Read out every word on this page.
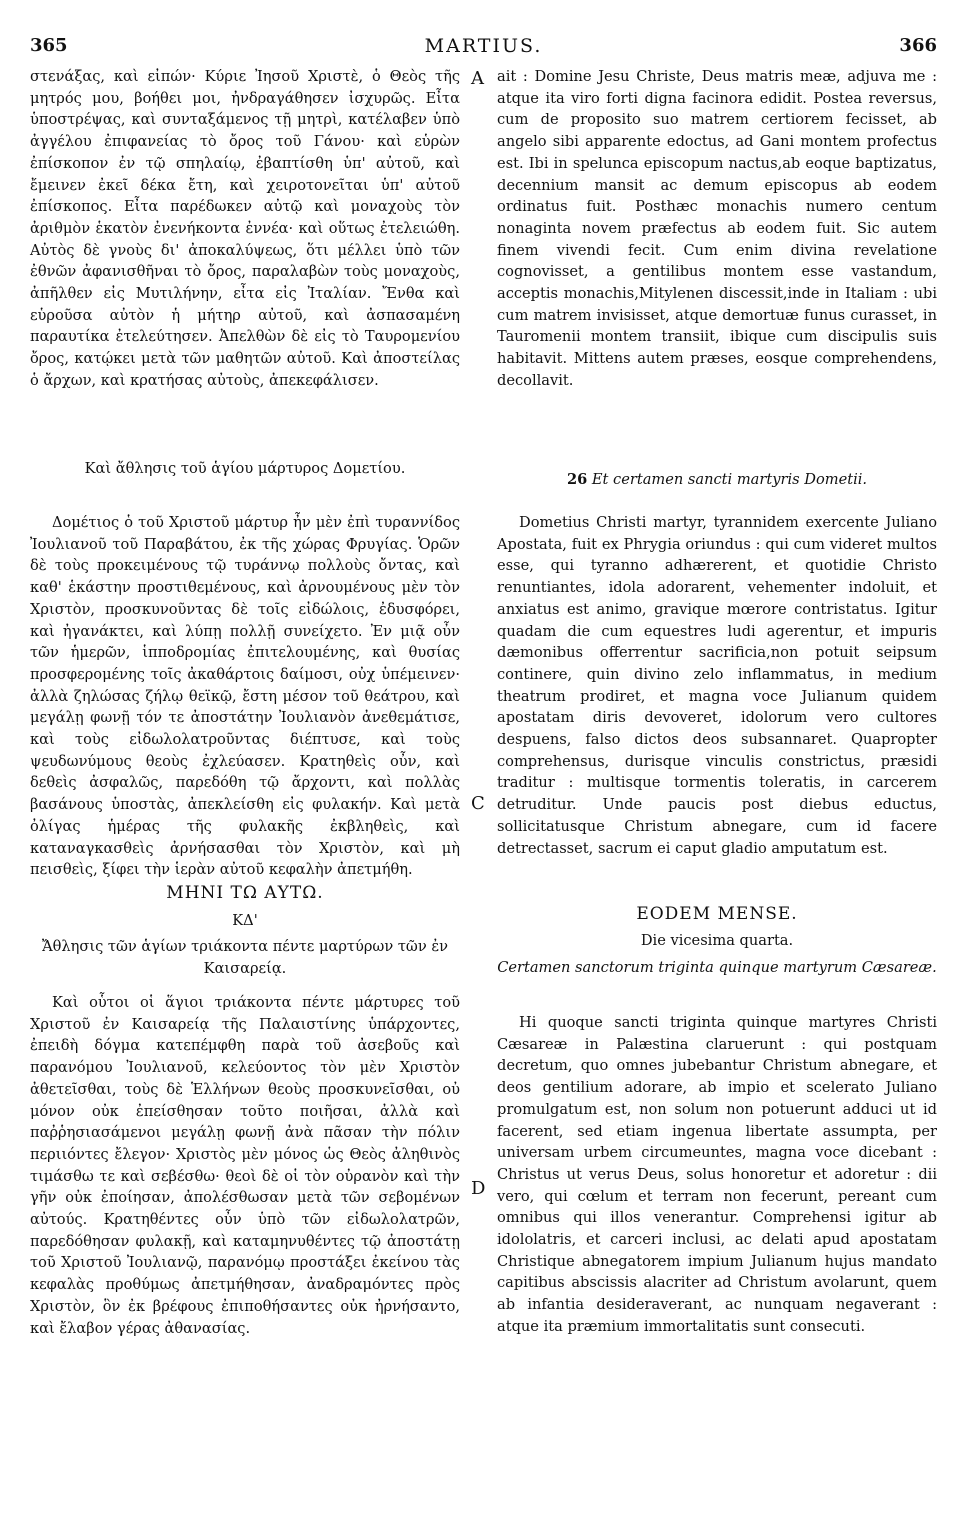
365	MARTIUS.	366

στενάξας, καὶ εἰπών· Κύριε Ἰησοῦ Χριστὲ, ὁ Θεὸς τῆς μητρός μου, βοήθει μοι, ἠνδραγάθησεν ἰσχυρῶς. Εἶτα ὑποστρέψας, καὶ συνταξάμενος τῇ μητρὶ, κατέλαβεν ὑπὸ ἀγγέλου ἐπιφανείας τὸ ὄρος τοῦ Γάνου· καὶ εὑρὼν ἐπίσκοπον ἐν τῷ σπηλαίῳ, ἐβαπτίσθη ὑπ' αὐτοῦ, καὶ ἔμεινεν ἐκεῖ δέκα ἔτη, καὶ χειροτονεῖται ὑπ' αὐτοῦ ἐπίσκοπος. Εἶτα παρέδωκεν αὐτῷ καὶ μοναχοὺς τὸν ἀριθμὸν ἑκατὸν ἐνενήκοντα ἐννέα· καὶ οὕτως ἐτελειώθη. Αὐτὸς δὲ γνοὺς δι' ἀποκαλύψεως, ὅτι μέλλει ὑπὸ τῶν ἐθνῶν ἀφανισθῆναι τὸ ὄρος, παραλαβὼν τοὺς μοναχοὺς, ἀπῆλθεν εἰς Μυτιλήνην, εἶτα εἰς Ἰταλίαν. Ἔνθα καὶ εὑροῦσα αὐτὸν ἡ μήτηρ αὐτοῦ, καὶ ἀσπασαμένη παραυτίκα ἐτελεύτησεν. Ἀπελθὼν δὲ εἰς τὸ Ταυρομενίου ὄρος, κατῴκει μετὰ τῶν μαθητῶν αὐτοῦ. Καὶ ἀποστείλας ὁ ἄρχων, καὶ κρατήσας αὐτοὺς, ἀπεκεφάλισεν.

Καὶ ἄθλησις τοῦ ἁγίου μάρτυρος Δομετίου.

Δομέτιος ὁ τοῦ Χριστοῦ μάρτυρ ἦν μὲν ἐπὶ τυραννίδος Ἰουλιανοῦ τοῦ Παραβάτου, ἐκ τῆς χώρας Φρυγίας. Ὁρῶν δὲ τοὺς προκειμένους τῷ τυράννῳ πολλοὺς ὄντας, καὶ καθ' ἑκάστην προστιθεμένους, καὶ ἀρνουμένους μὲν τὸν Χριστὸν, προσκυνοῦντας δὲ τοῖς εἰδώλοις, ἐδυσφόρει, καὶ ἠγανάκτει, καὶ λύπῃ πολλῇ συνείχετο. Ἐν μιᾷ οὖν τῶν ἡμερῶν, ἱπποδρομίας ἐπιτελουμένης, καὶ θυσίας προσφερομένης τοῖς ἀκαθάρτοις δαίμοσι, οὐχ ὑπέμεινεν· ἀλλὰ ζηλώσας ζήλῳ θεϊκῷ, ἔστη μέσον τοῦ θεάτρου, καὶ μεγάλῃ φωνῇ τόν τε ἀποστάτην Ἰουλιανὸν ἀνεθεμάτισε, καὶ τοὺς εἰδωλολατροῦντας διέπτυσε, καὶ τοὺς ψευδωνύμους θεοὺς ἐχλεύασεν. Κρατηθεὶς οὖν, καὶ δεθεὶς ἀσφαλῶς, παρεδόθη τῷ ἄρχοντι, καὶ πολλὰς βασάνους ὑποστὰς, ἀπεκλείσθη εἰς φυλακήν. Καὶ μετὰ ὀλίγας ἡμέρας τῆς φυλακῆς ἐκβληθεὶς, καὶ καταναγκασθεὶς ἀρνήσασθαι τὸν Χριστὸν, καὶ μὴ πεισθεὶς, ξίφει τὴν ἱερὰν αὐτοῦ κεφαλὴν ἀπετμήθη.

ΜΗΝΙ ΤΩ ΑΥΤΩ.

ΚΔ'

Ἄθλησις τῶν ἁγίων τριάκοντα πέντε μαρτύρων τῶν ἐν Καισαρείᾳ.

Καὶ οὗτοι οἱ ἅγιοι τριάκοντα πέντε μάρτυρες τοῦ Χριστοῦ ἐν Καισαρείᾳ τῆς Παλαιστίνης ὑπάρχοντες, ἐπειδὴ δόγμα κατεπέμφθη παρὰ τοῦ ἀσεβοῦς καὶ παρανόμου Ἰουλιανοῦ, κελεύοντος τὸν μὲν Χριστὸν ἀθετεῖσθαι, τοὺς δὲ Ἑλλήνων θεοὺς προσκυνεῖσθαι, οὐ μόνον οὐκ ἐπείσθησαν τοῦτο ποιῆσαι, ἀλλὰ καὶ παῤῥησιασάμενοι μεγάλῃ φωνῇ ἀνὰ πᾶσαν τὴν πόλιν περιιόντες ἔλεγον· Χριστὸς μὲν μόνος ὡς Θεὸς ἀληθινὸς τιμάσθω τε καὶ σεβέσθω· θεοὶ δὲ οἱ τὸν οὐρανὸν καὶ τὴν γῆν οὐκ ἐποίησαν, ἀπολέσθωσαν μετὰ τῶν σεβομένων αὐτούς. Κρατηθέντες οὖν ὑπὸ τῶν εἰδωλολατρῶν, παρεδόθησαν φυλακῇ, καὶ καταμηνυθέντες τῷ ἀποστάτῃ τοῦ Χριστοῦ Ἰουλιανῷ, παρανόμῳ προστάξει ἐκείνου τὰς κεφαλὰς προθύμως ἀπετμήθησαν, ἀναδραμόντες πρὸς Χριστὸν, ὃν ἐκ βρέφους ἐπιποθήσαντες οὐκ ἠρνήσαντο, καὶ ἔλαβον γέρας ἀθανασίας.

A
C
D

ait : Domine Jesu Christe, Deus matris meæ, adjuva me : atque ita viro forti digna facinora edidit. Postea reversus, cum de proposito suo matrem certiorem fecisset, ab angelo sibi apparente edoctus, ad Gani montem profectus est. Ibi in spelunca episcopum nactus,ab eoque baptizatus, decennium mansit ac demum episcopus ab eodem ordinatus fuit. Posthæc monachis numero centum nonaginta novem præfectus ab eodem fuit. Sic autem finem vivendi fecit. Cum enim divina revelatione cognovisset, a gentilibus montem esse vastandum, acceptis monachis,Mitylenen discessit,inde in Italiam : ubi cum matrem invisisset, atque demortuæ funus curasset, in Tauromenii montem transiit, ibique cum discipulis suis habitavit. Mittens autem præses, eosque comprehendens, decollavit.

26 Et certamen sancti martyris Dometii.

Dometius Christi martyr, tyrannidem exercente Juliano Apostata, fuit ex Phrygia oriundus : qui cum videret multos esse, qui tyranno adhærerent, et quotidie Christo renuntiantes, idola adorarent, vehementer indoluit, et anxiatus est animo, gravique mœrore contristatus. Igitur quadam die cum equestres ludi agerentur, et impuris dæmonibus offerrentur sacrificia,non potuit seipsum continere, quin divino zelo inflammatus, in medium theatrum prodiret, et magna voce Julianum quidem apostatam diris devoveret, idolorum vero cultores despuens, falso dictos deos subsannaret. Quapropter comprehensus, durisque vinculis constrictus, præsidi traditur : multisque tormentis toleratis, in carcerem detruditur. Unde paucis post diebus eductus, sollicitatusque Christum abnegare, cum id facere detrectasset, sacrum ei caput gladio amputatum est.

EODEM MENSE.

Die vicesima quarta.

Certamen sanctorum triginta quinque martyrum Cæsareæ.

Hi quoque sancti triginta quinque martyres Christi Cæsareæ in Palæstina claruerunt : qui postquam decretum, quo omnes jubebantur Christum abnegare, et deos gentilium adorare, ab impio et scelerato Juliano promulgatum est, non solum non potuerunt adduci ut id facerent, sed etiam ingenua libertate assumpta, per universam urbem circumeuntes, magna voce dicebant : Christus ut verus Deus, solus honoretur et adoretur : dii vero, qui cœlum et terram non fecerunt, pereant cum omnibus qui illos venerantur. Comprehensi igitur ab idololatris, et carceri inclusi, ac delati apud apostatam Christique abnegatorem impium Julianum hujus mandato capitibus abscissis alacriter ad Christum avolarunt, quem ab infantia desideraverant, ac nunquam negaverant : atque ita præmium immortalitatis sunt consecuti.
